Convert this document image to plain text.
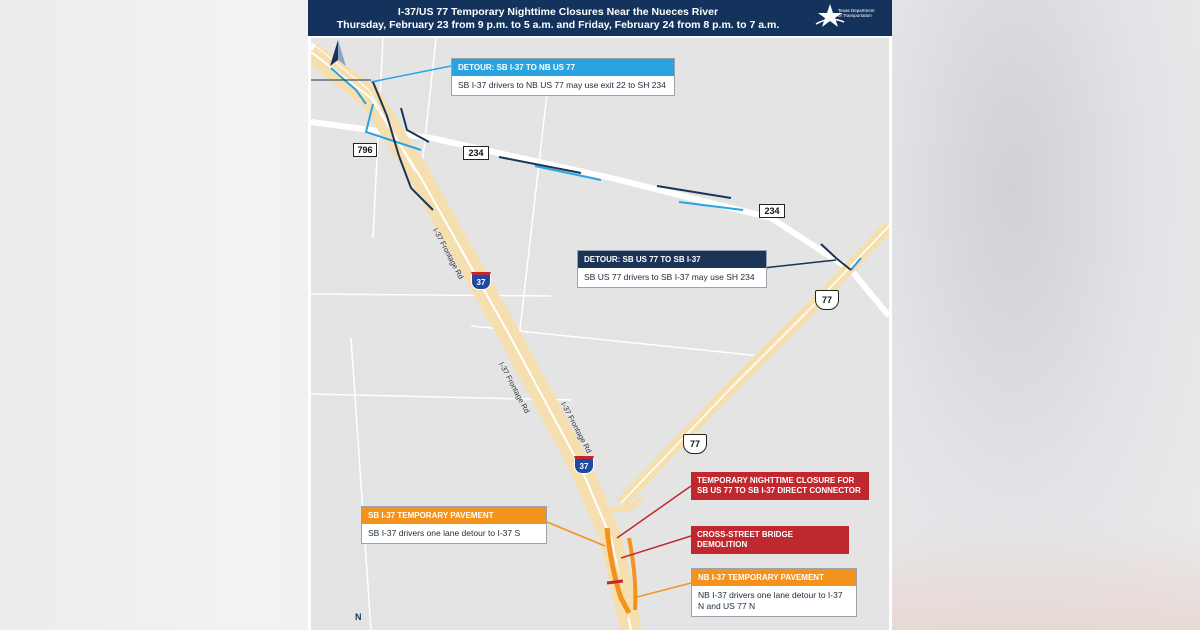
I-37/US 77 Temporary Nighttime Closures Near the Nueces River
Thursday, February 23 from 9 p.m. to 5 a.m. and Friday, February 24 from 8 p.m. to 7 a.m.
Texas Department of Transportation
796	234
234
77
77
37
37
I-37 Frontage Rd
I-37 Frontage Rd
I-37 Frontage Rd
DETOUR: SB I-37 TO NB US 77
SB I-37 drivers to NB US 77 may use exit 22 to SH 234
DETOUR: SB US 77 TO SB I-37
SB US 77 drivers to SB I-37 may use SH 234
TEMPORARY NIGHTTIME CLOSURE FOR SB US 77 TO SB I-37 DIRECT CONNECTOR
CROSS-STREET BRIDGE DEMOLITION
SB I-37 TEMPORARY PAVEMENT
SB I-37 drivers one lane detour to I-37 S
NB I-37 TEMPORARY PAVEMENT
NB I-37 drivers one lane detour to I-37 N and US 77 N
N
